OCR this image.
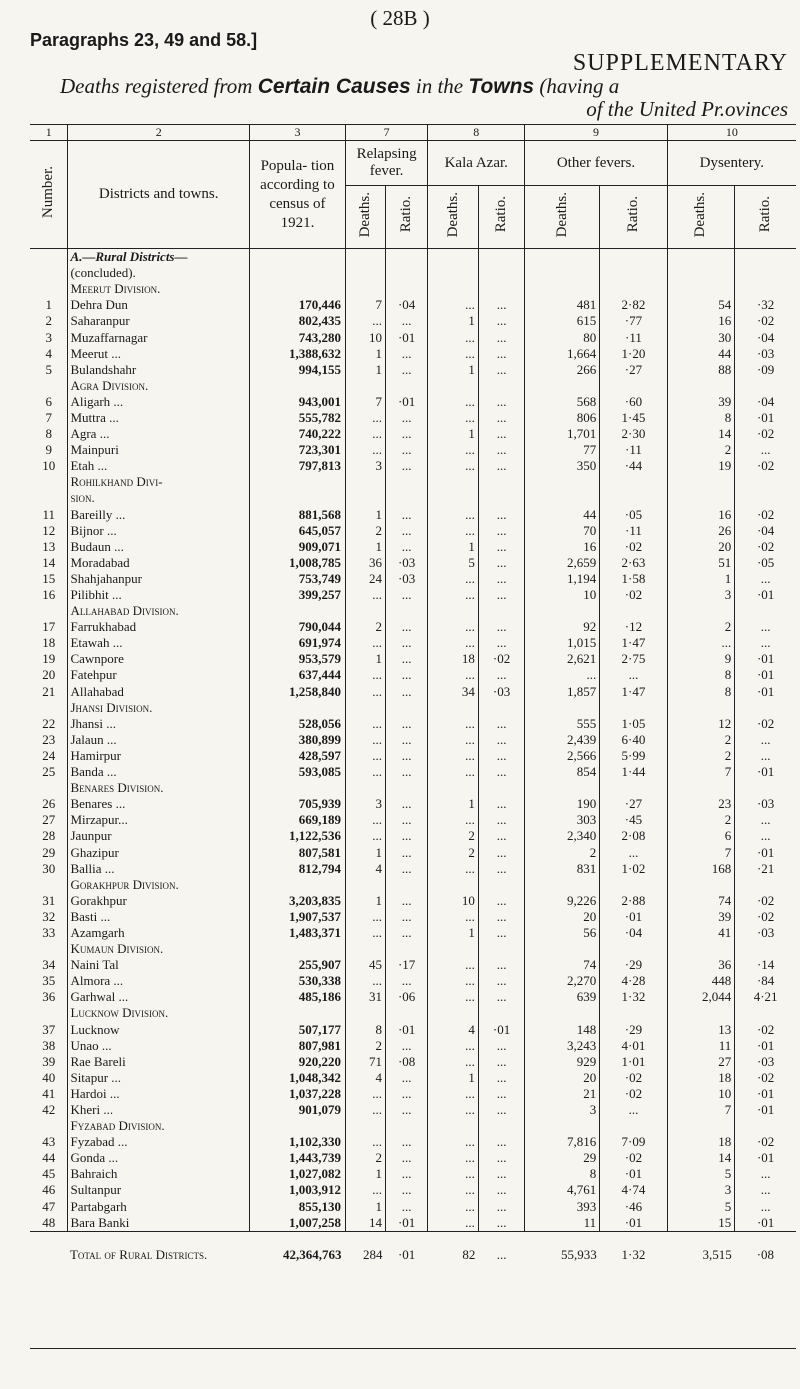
( 28B )
Paragraphs 23, 49 and 58.]
SUPPLEMENTARY
Deaths registered from Certain Causes in the Towns (having a
of the United Pr.ovinces
1	2	3	7		8		9		10	
Number.	Districts and towns.	Popula- tion according to census of 1921.	Relapsing fever.		Kala Azar.		Other fevers.		Dysentery.	
			Deaths.	Ratio.	Deaths.	Ratio.	Deaths.	Ratio.	Deaths.	Ratio.
	A.—Rural Districts—									
	(concluded).									
	Meerut Division.									
1	Dehra Dun	170,446	7	·04	...	...	481	2·82	54	·32
2	Saharanpur	802,435	...	...	1	...	615	·77	16	·02
3	Muzaffarnagar	743,280	10	·01	...	...	80	·11	30	·04
4	Meerut ...	1,388,632	1	...	...	...	1,664	1·20	44	·03
5	Bulandshahr	994,155	1	...	1	...	266	·27	88	·09
	Agra Division.									
6	Aligarh ...	943,001	7	·01	...	...	568	·60	39	·04
7	Muttra ...	555,782	...	...	...	...	806	1·45	8	·01
8	Agra ...	740,222	...	...	1	...	1,701	2·30	14	·02
9	Mainpuri	723,301	...	...	...	...	77	·11	2	...
10	Etah ...	797,813	3	...	...	...	350	·44	19	·02
	Rohilkhand Divi-									
	sion.									
11	Bareilly ...	881,568	1	...	...	...	44	·05	16	·02
12	Bijnor ...	645,057	2	...	...	...	70	·11	26	·04
13	Budaun ...	909,071	1	...	1	...	16	·02	20	·02
14	Moradabad	1,008,785	36	·03	5	...	2,659	2·63	51	·05
15	Shahjahanpur	753,749	24	·03	...	...	1,194	1·58	1	...
16	Pilibhit ...	399,257	...	...	...	...	10	·02	3	·01
	Allahabad Division.									
17	Farrukhabad	790,044	2	...	...	...	92	·12	2	...
18	Etawah ...	691,974	...	...	...	...	1,015	1·47	...	...
19	Cawnpore	953,579	1	...	18	·02	2,621	2·75	9	·01
20	Fatehpur	637,444	...	...	...	...	...	...	8	·01
21	Allahabad	1,258,840	...	...	34	·03	1,857	1·47	8	·01
	Jhansi Division.									
22	Jhansi ...	528,056	...	...	...	...	555	1·05	12	·02
23	Jalaun ...	380,899	...	...	...	...	2,439	6·40	2	...
24	Hamirpur	428,597	...	...	...	...	2,566	5·99	2	...
25	Banda ...	593,085	...	...	...	...	854	1·44	7	·01
	Benares Division.									
26	Benares ...	705,939	3	...	1	...	190	·27	23	·03
27	Mirzapur...	669,189	...	...	...	...	303	·45	2	...
28	Jaunpur	1,122,536	...	...	2	...	2,340	2·08	6	...
29	Ghazipur	807,581	1	...	2	...	2	...	7	·01
30	Ballia ...	812,794	4	...	...	...	831	1·02	168	·21
	Gorakhpur Division.									
31	Gorakhpur	3,203,835	1	...	10	...	9,226	2·88	74	·02
32	Basti ...	1,907,537	...	...	...	...	20	·01	39	·02
33	Azamgarh	1,483,371	...	...	1	...	56	·04	41	·03
	Kumaun Division.									
34	Naini Tal	255,907	45	·17	...	...	74	·29	36	·14
35	Almora ...	530,338	...	...	...	...	2,270	4·28	448	·84
36	Garhwal ...	485,186	31	·06	...	...	639	1·32	2,044	4·21
	Lucknow Division.									
37	Lucknow	507,177	8	·01	4	·01	148	·29	13	·02
38	Unao ...	807,981	2	...	...	...	3,243	4·01	11	·01
39	Rae Bareli	920,220	71	·08	...	...	929	1·01	27	·03
40	Sitapur ...	1,048,342	4	...	1	...	20	·02	18	·02
41	Hardoi ...	1,037,228	...	...	...	...	21	·02	10	·01
42	Kheri ...	901,079	...	...	...	...	3	...	7	·01
	Fyzabad Division.									
43	Fyzabad ...	1,102,330	...	...	...	...	7,816	7·09	18	·02
44	Gonda ...	1,443,739	2	...	...	...	29	·02	14	·01
45	Bahraich	1,027,082	1	...	...	...	8	·01	5	...
46	Sultanpur	1,003,912	...	...	...	...	4,761	4·74	3	...
47	Partabgarh	855,130	1	...	...	...	393	·46	5	...
48	Bara Banki	1,007,258	14	·01	...	...	11	·01	15	·01
	Total of Rural Districts.	42,364,763	284	·01	82	...	55,933	1·32	3,515	·08
